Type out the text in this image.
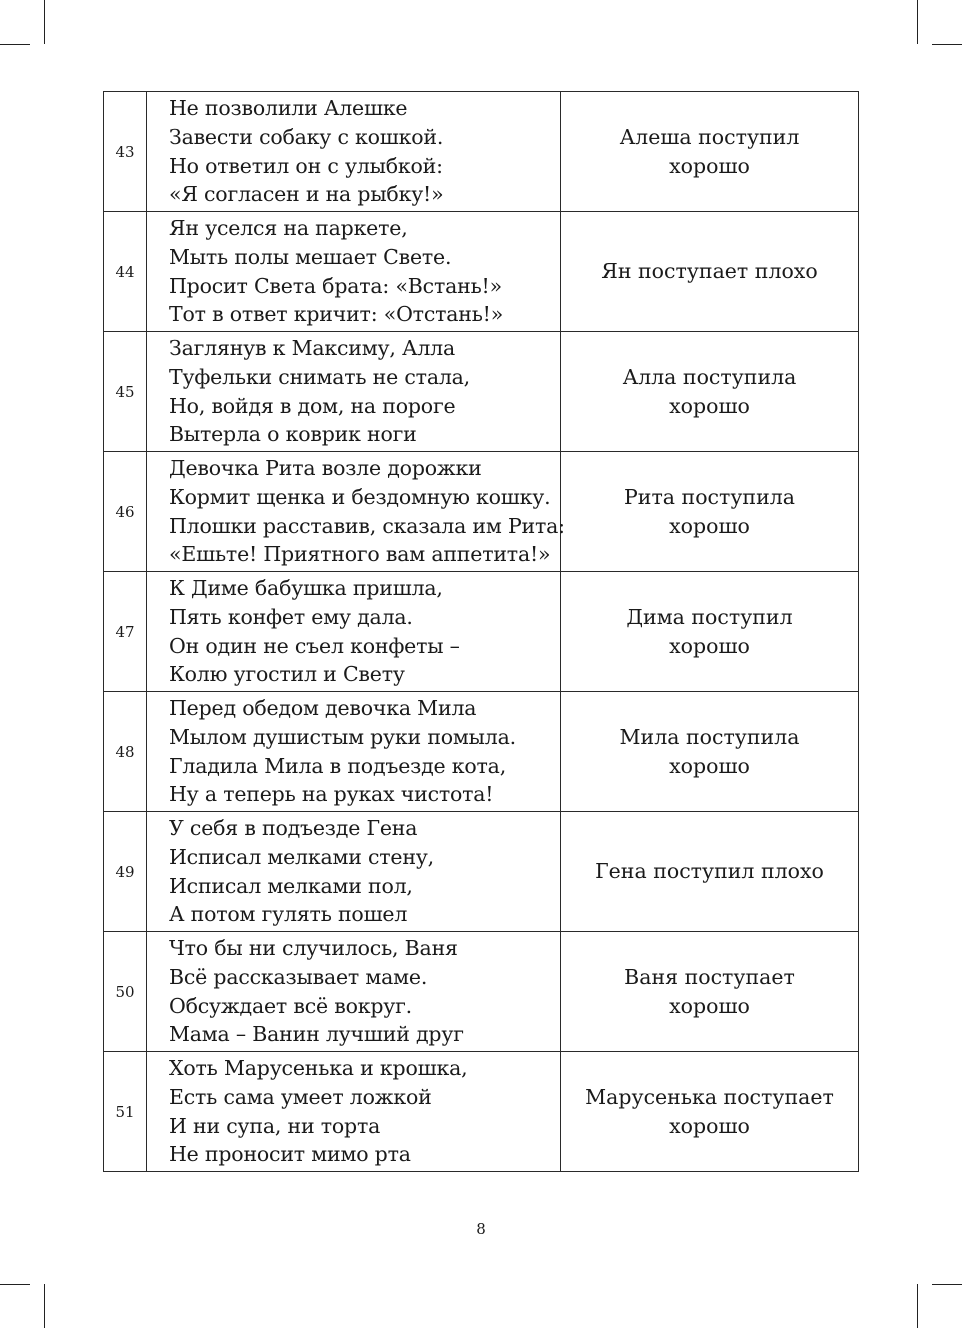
43	Не позволили Алешке
Завести собаку с кошкой.
Но ответил он с улыбкой:
«Я согласен и на рыбку!»	Алеша поступил хорошо
44	Ян уселся на паркете,
Мыть полы мешает Свете.
Просит Света брата: «Встань!»
Тот в ответ кричит: «Отстань!»	Ян поступает плохо
45	Заглянув к Максиму, Алла
Туфельки снимать не стала,
Но, войдя в дом, на пороге
Вытерла о коврик ноги	Алла поступила хорошо
46	Девочка Рита возле дорожки
Кормит щенка и бездомную кошку.
Плошки расставив, сказала им Рита:
«Ешьте! Приятного вам аппетита!»	Рита поступила хорошо
47	К Диме бабушка пришла,
Пять конфет ему дала.
Он один не съел конфеты –
Колю угостил и Свету	Дима поступил хорошо
48	Перед обедом девочка Мила
Мылом душистым руки помыла.
Гладила Мила в подъезде кота,
Ну а теперь на руках чистота!	Мила поступила хорошо
49	У себя в подъезде Гена
Исписал мелками стену,
Исписал мелками пол,
А потом гулять пошел	Гена поступил плохо
50	Что бы ни случилось, Ваня
Всё рассказывает маме.
Обсуждает всё вокруг.
Мама – Ванин лучший друг	Ваня поступает хорошо
51	Хоть Марусенька и крошка,
Есть сама умеет ложкой
И ни супа, ни торта
Не проносит мимо рта	Марусенька поступает хорошо
8
